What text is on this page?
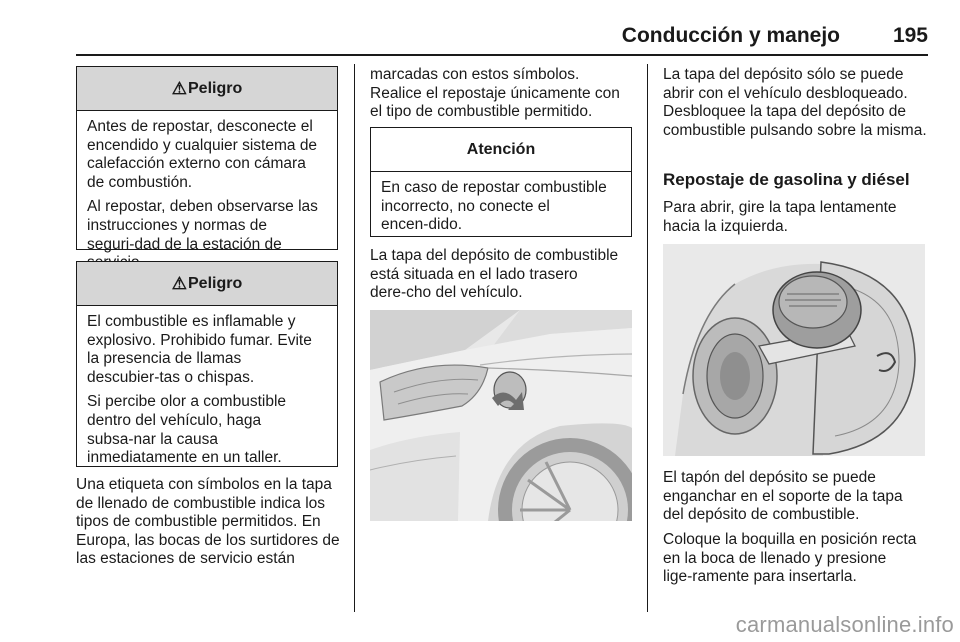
Conducción y manejo	195
⚠ Peligro

Antes de repostar, desconecte el encendido y cualquier sistema de calefacción externo con cámara de combustión.

Al repostar, deben observarse las instrucciones y normas de seguri‑dad de la estación de

⚠ Peligro

El combustible es inflamable y explosivo. Prohibido fumar. Evite la presencia de llamas descubier‑tas o chispas.

Si percibe olor a combustible dentro del vehículo, haga subsa‑nar la causa inmediatamente en un taller.

Una etiqueta con símbolos en la tapa de llenado de combustible indica los tipos de combustible permitidos. En Europa, las bocas de los surtidores de las estaciones de servicio están
marcadas con estos símbolos. Realice el repostaje únicamente con el tipo de combustible permitido.
Atención

En caso de repostar combustible incorrecto, no conecte el encen‑dido.

La tapa del depósito de combustible está situada en el lado trasero dere‑cho del vehículo.
La tapa del depósito sólo se puede abrir con el vehículo desbloqueado. Desbloquee la tapa del depósito de combustible pulsando sobre la misma.
Repostaje de gasolina y diésel
Para abrir, gire la tapa lentamente hacia la izquierda.
El tapón del depósito se puede enganchar en el soporte de la tapa del depósito de combustible.
Coloque la boquilla en posición recta en la boca de llenado y presione lige‑ramente para insertarla.
carmanualsonline.info
